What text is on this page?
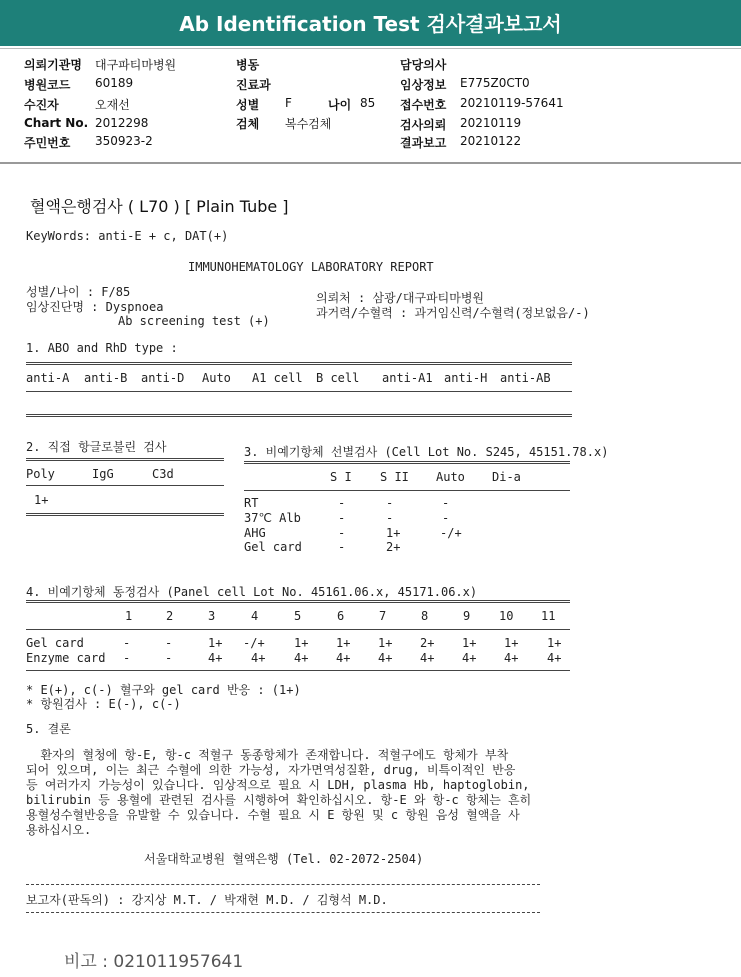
Ab Identification Test 검사결과보고서
의뢰기관명 대구파티마병원
병원코드 60189
수진자	오재선
Chart No. 2012298
주민번호 350923-2
병동
진료과
성별 F	나이 85
검체 복수검체
담당의사
임상정보 E775Z0CT0
접수번호 20210119-57641
검사의뢰 20210119
결과보고 20210122
혈액은행검사 ( L70 ) [ Plain Tube ]
KeyWords: anti-E + c, DAT(+)
IMMUNOHEMATOLOGY LABORATORY REPORT
성별/나이 : F/85
임상진단명 : Dyspnoea
Ab screening test (+)
의뢰처 : 삼광/대구파티마병원
과거력/수혈력 : 과거임신력/수혈력(정보없음/-)
1. ABO and RhD type :
anti-A anti-B anti-D Auto A1 cell B cell anti-A1 anti-H anti-AB
2. 직접 항글로불린 검사
Poly	IgG	C3d
1+
3. 비예기항체 선별검사 (Cell Lot No. S245, 45151.78.x)
S I S II Auto Di-a
RT	-	-	-
37℃ Alb	-	-	-
AHG	-	1+	-/+
Gel card	-	2+
4. 비예기항체 동정검사 (Panel cell Lot No. 45161.06.x, 45171.06.x)
1	2	3	4	5	6	7	8	9 10 11
Gel card	-	-	1+ -/+ 1+ 1+ 1+ 2+ 1+ 1+ 1+
Enzyme card -	-	4+ 4+ 4+ 4+ 4+ 4+ 4+ 4+ 4+
* E(+), c(-) 혈구와 gel card 반응 : (1+)
* 항원검사 : E(-), c(-)
5. 결론
환자의 혈청에 항-E, 항-c 적혈구 동종항체가 존재합니다. 적혈구에도 항체가 부착
되어 있으며, 이는 최근 수혈에 의한 가능성, 자가면역성질환, drug, 비특이적인 반응
등 여러가지 가능성이 있습니다. 임상적으로 필요 시 LDH, plasma Hb, haptoglobin,
bilirubin 등 용혈에 관련된 검사를 시행하여 확인하십시오. 항-E 와 항-c 항체는 흔히
용혈성수혈반응을 유발할 수 있습니다. 수혈 필요 시 E 항원 및 c 항원 음성 혈액을 사
용하십시오.
서울대학교병원 혈액은행 (Tel. 02-2072-2504)
보고자(판독의) : 강지상 M.T. / 박재현 M.D. / 김형석 M.D.
비고 : 021011957641
